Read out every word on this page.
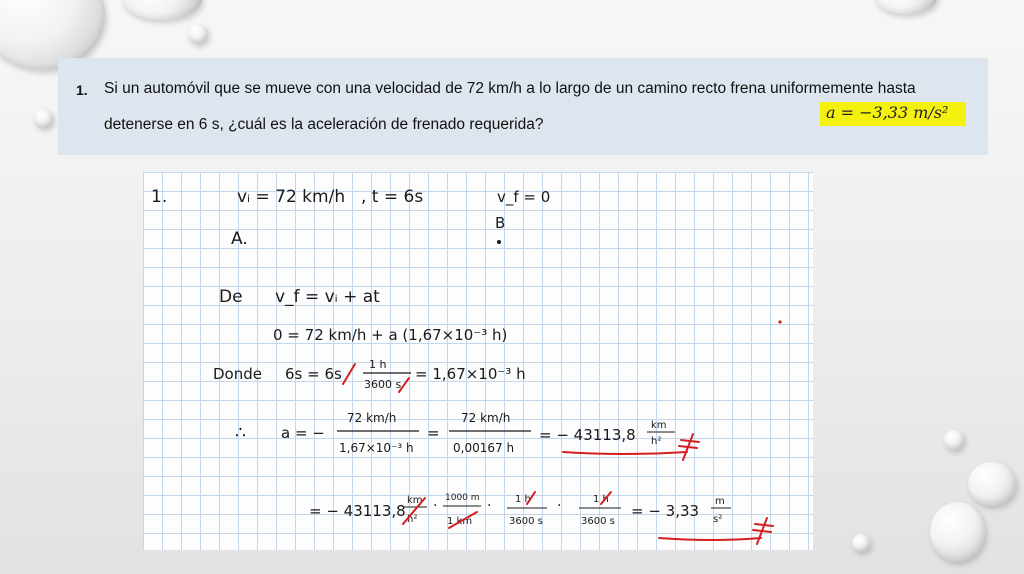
1. Si un automóvil que se mueve con una velocidad de 72 km/h a lo largo de un camino recto frena uniformemente hasta
detenerse en 6 s, ¿cuál es la aceleración de frenado requerida?
a = −3,33 m/s²
1.	vᵢ = 72 km/h , t = 6s	v_f = 0
B
A.
De v_f = vᵢ + at
0 = 72 km/h + a (1,67×10⁻³ h)
Donde 6s = 6s ·
1 h
3600 s
= 1,67×10⁻³ h
∴ a = −
72 km/h
1,67×10⁻³ h
=
72 km/h
0,00167 h
= − 43113,8
km
h²
= − 43113,8
km
h²
· 1000 m
1 km
· 1 h
3600 s
·	1 h
3600 s
= − 3,33
m
s²
